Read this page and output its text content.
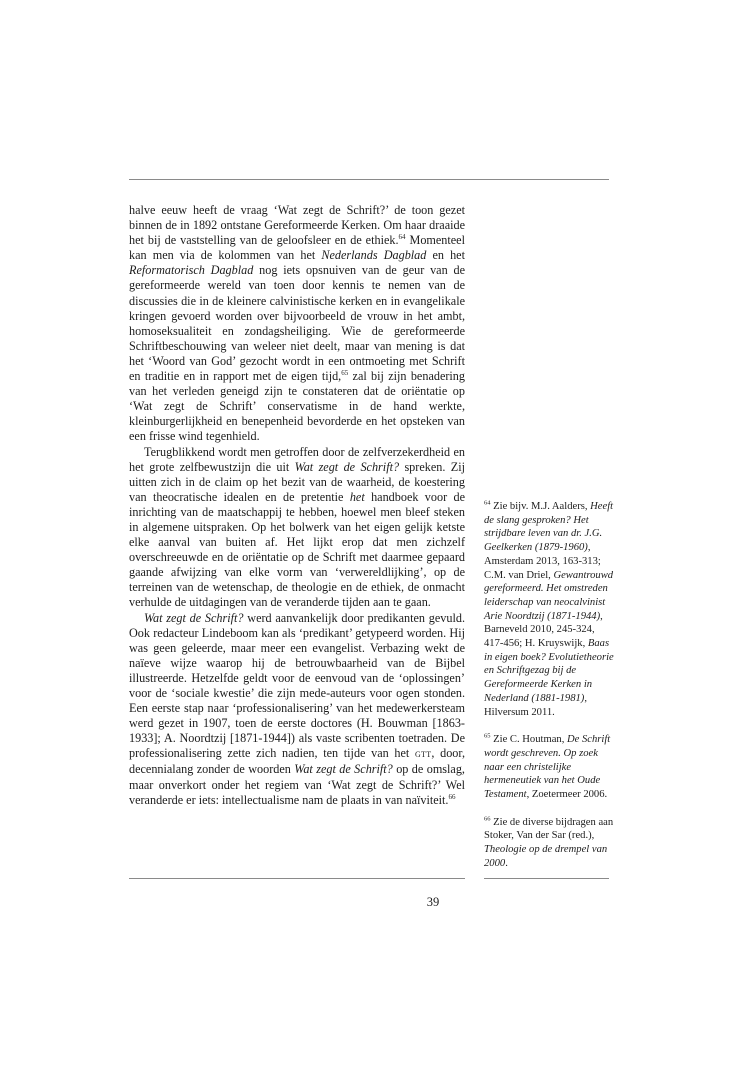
halve eeuw heeft de vraag ‘Wat zegt de Schrift?’ de toon gezet binnen de in 1892 ontstane Gereformeerde Kerken. Om haar draaide het bij de vaststelling van de geloofsleer en de ethiek.$^{64}$ Momenteel kan men via de kolommen van het Nederlands Dagblad en het Reformatorisch Dagblad nog iets opsnuiven van de geur van de gereformeerde wereld van toen door kennis te nemen van de discussies die in de kleinere calvinistische kerken en in evangelikale kringen gevoerd worden over bijvoorbeeld de vrouw in het ambt, homoseksualiteit en zondagsheiliging. Wie de gereformeerde Schriftbeschouwing van weleer niet deelt, maar van mening is dat het ‘Woord van God’ gezocht wordt in een ontmoeting met Schrift en traditie en in rapport met de eigen tijd,$^{65}$ zal bij zijn benadering van het verleden geneigd zijn te constateren dat de oriëntatie op ‘Wat zegt de Schrift’ conservatisme in de hand werkte, kleinburgerlijkheid en benepenheid bevorderde en het opsteken van een frisse wind tegenhield.

Terugblikkend wordt men getroffen door de zelfverzekerdheid en het grote zelfbewustzijn die uit Wat zegt de Schrift? spreken. Zij uitten zich in de claim op het bezit van de waarheid, de koestering van theocratische idealen en de pretentie het handboek voor de inrichting van de maatschappij te hebben, hoewel men bleef steken in algemene uitspraken. Op het bolwerk van het eigen gelijk ketste elke aanval van buiten af. Het lijkt erop dat men zichzelf overschreeuwde en de oriëntatie op de Schrift met daarmee gepaard gaande afwijzing van elke vorm van ‘verwereldlijking’, op de terreinen van de wetenschap, de theologie en de ethiek, de onmacht verhulde de uitdagingen van de veranderde tijden aan te gaan.

Wat zegt de Schrift? werd aanvankelijk door predikanten gevuld. Ook redacteur Lindeboom kan als ‘predikant’ getypeerd worden. Hij was geen geleerde, maar meer een evangelist. Verbazing wekt de naïeve wijze waarop hij de betrouwbaarheid van de Bijbel illustreerde. Hetzelfde geldt voor de eenvoud van de ‘oplossingen’ voor de ‘sociale kwestie’ die zijn mede-auteurs voor ogen stonden. Een eerste stap naar ‘professionalisering’ van het medewerkersteam werd gezet in 1907, toen de eerste doctores (H. Bouwman [1863-1933]; A. Noordtzij [1871-1944]) als vaste scribenten toetraden. De professionalisering zette zich nadien, ten tijde van het gtt, door, decennialang zonder de woorden Wat zegt de Schrift? op de omslag, maar onverkort onder het regiem van ‘Wat zegt de Schrift?’ Wel veranderde er iets: intellectualisme nam de plaats in van naïviteit.$^{66}$

$^{64}$ Zie bijv. M.J. Aalders, Heeft de slang gesproken? Het strijdbare leven van dr. J.G. Geelkerken (1879-1960), Amsterdam 2013, 163-313; C.M. van Driel, Gewantrouwd gereformeerd. Het omstreden leiderschap van neocalvinist Arie Noordtzij (1871-1944), Barneveld 2010, 245-324, 417-456; H. Kruyswijk, Baas in eigen boek? Evolutietheorie en Schriftgezag bij de Gereformeerde Kerken in Nederland (1881-1981), Hilversum 2011.

$^{65}$ Zie C. Houtman, De Schrift wordt geschreven. Op zoek naar een christelijke hermeneutiek van het Oude Testament, Zoetermeer 2006.

$^{66}$ Zie de diverse bijdragen aan Stoker, Van der Sar (red.), Theologie op de drempel van 2000.

39
